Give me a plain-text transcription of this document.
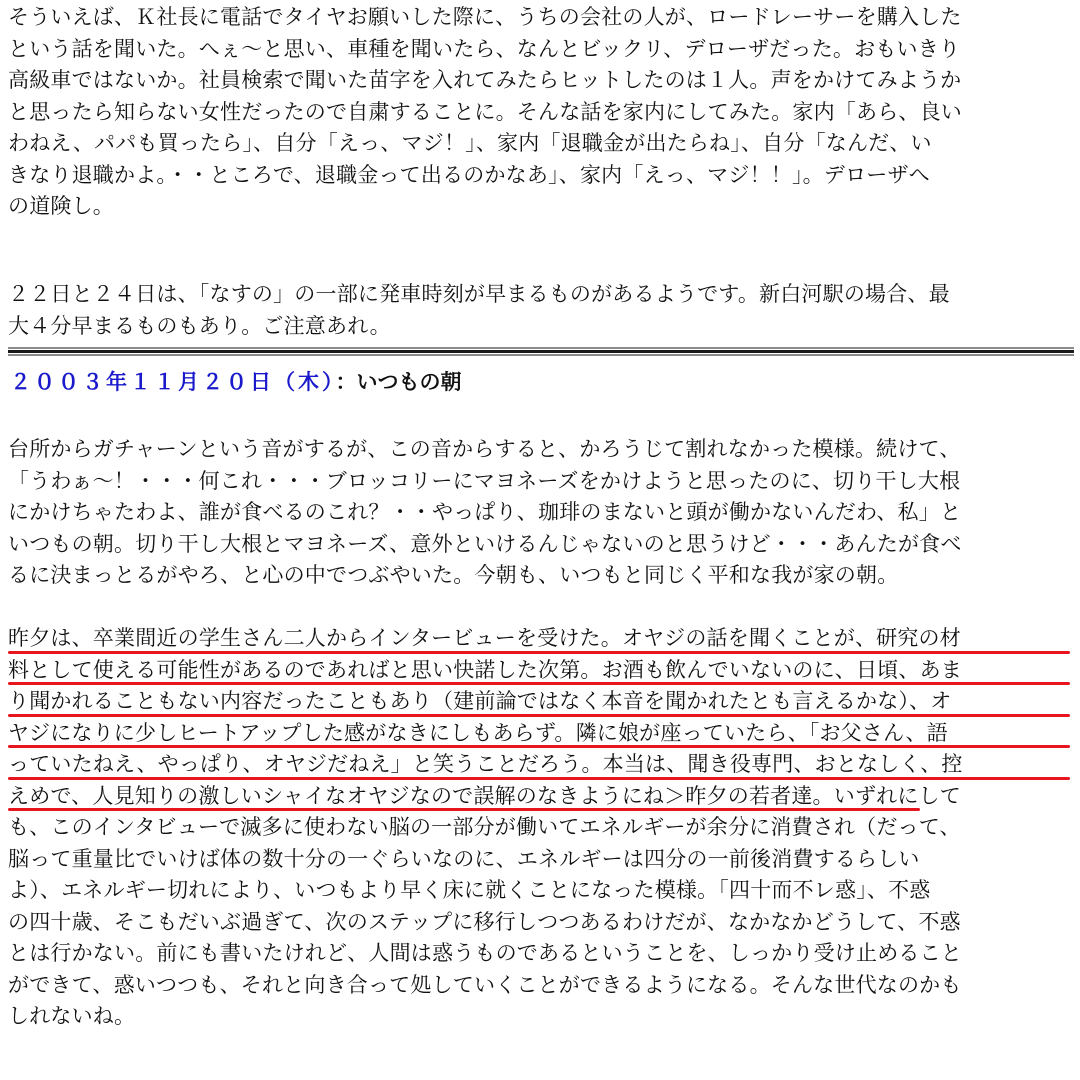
そういえば、Ｋ社長に電話でタイヤお願いした際に、うちの会社の人が、ロードレーサーを購入した
という話を聞いた。へぇ～と思い、車種を聞いたら、なんとビックリ、デローザだった。おもいきり
高級車ではないか。社員検索で聞いた苗字を入れてみたらヒットしたのは１人。声をかけてみようか
と思ったら知らない女性だったので自粛することに。そんな話を家内にしてみた。家内「あら、良い
わねえ、パパも買ったら」、自分「えっ、マジ！」、家内「退職金が出たらね」、自分「なんだ、い
きなり退職かよ。・・ところで、退職金って出るのかなあ」、家内「えっ、マジ！！」。デローザへ
の道険し。
２２日と２４日は、「なすの」の一部に発車時刻が早まるものがあるようです。新白河駅の場合、最
大４分早まるものもあり。ご注意あれ。
２００３年１１月２０日（木）：いつもの朝
台所からガチャーンという音がするが、この音からすると、かろうじて割れなかった模様。続けて、
「うわぁ～！・・・何これ・・・ブロッコリーにマヨネーズをかけようと思ったのに、切り干し大根
にかけちゃたわよ、誰が食べるのこれ？・・やっぱり、珈琲のまないと頭が働かないんだわ、私」と
いつもの朝。切り干し大根とマヨネーズ、意外といけるんじゃないのと思うけど・・・あんたが食べ
るに決まっとるがやろ、と心の中でつぶやいた。今朝も、いつもと同じく平和な我が家の朝。
昨夕は、卒業間近の学生さん二人からインタービューを受けた。オヤジの話を聞くことが、研究の材
料として使える可能性があるのであればと思い快諾した次第。お酒も飲んでいないのに、日頃、あま
り聞かれることもない内容だったこともあり（建前論ではなく本音を聞かれたとも言えるかな）、オ
ヤジになりに少しヒートアップした感がなきにしもあらず。隣に娘が座っていたら、「お父さん、語
っていたねえ、やっぱり、オヤジだねえ」と笑うことだろう。本当は、聞き役専門、おとなしく、控
えめで、人見知りの激しいシャイなオヤジなので誤解のなきようにね＞昨夕の若者達。いずれにして
も、このインタビューで滅多に使わない脳の一部分が働いてエネルギーが余分に消費され（だって、
脳って重量比でいけば体の数十分の一ぐらいなのに、エネルギーは四分の一前後消費するらしい
よ）、エネルギー切れにより、いつもより早く床に就くことになった模様。「四十而不レ惑」、不惑
の四十歳、そこもだいぶ過ぎて、次のステップに移行しつつあるわけだが、なかなかどうして、不惑
とは行かない。前にも書いたけれど、人間は惑うものであるということを、しっかり受け止めること
ができて、惑いつつも、それと向き合って処していくことができるようになる。そんな世代なのかも
しれないね。
